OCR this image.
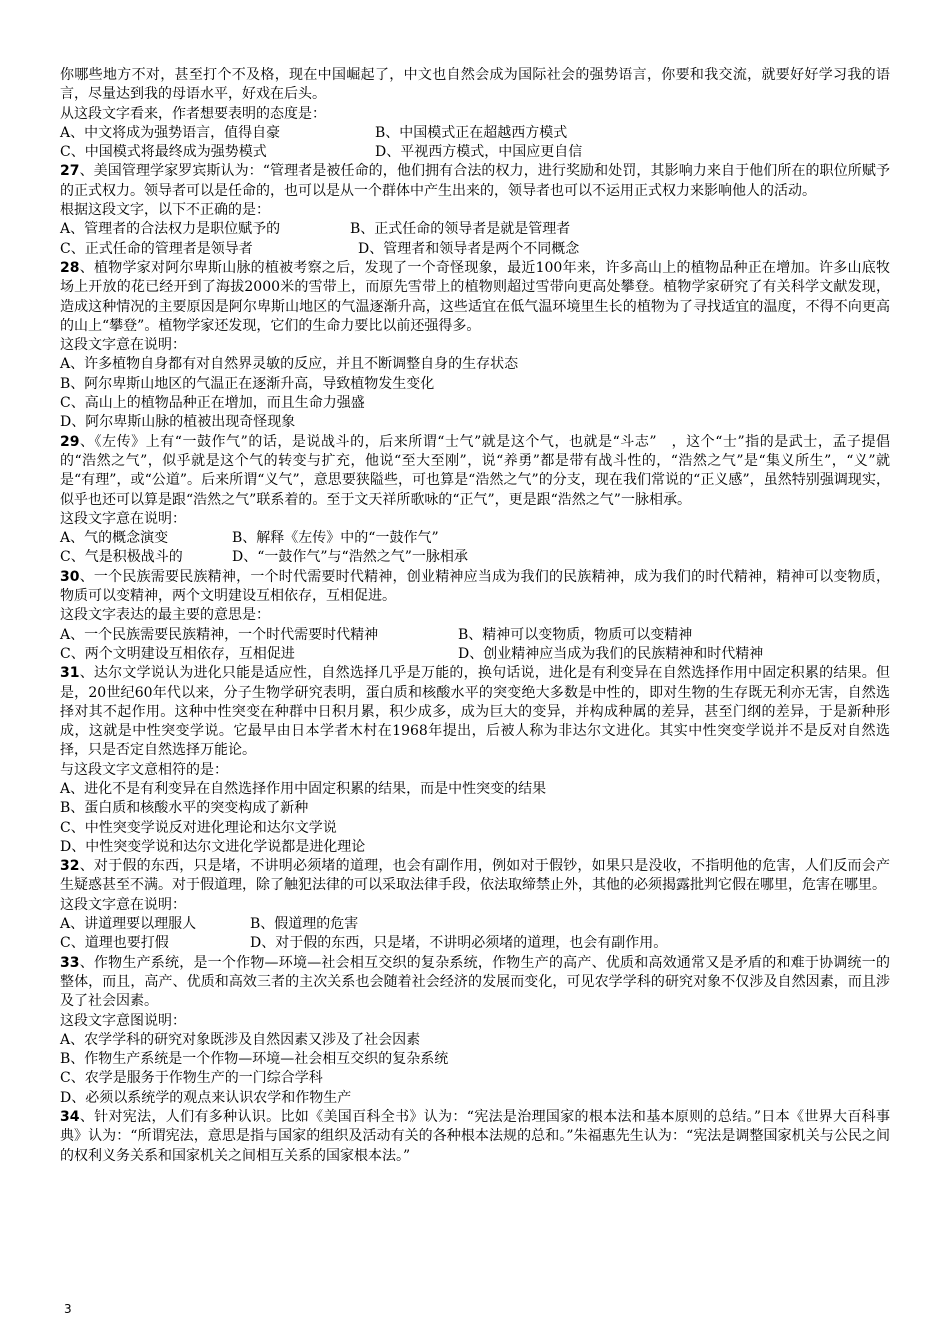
你哪些地方不对，甚至打个不及格，现在中国崛起了，中文也自然会成为国际社会的强势语言，你要和我交流，就要好好学习我的语言，尽量达到我的母语水平，好戏在后头。

从这段文字看来，作者想要表明的态度是：

A、中文将成为强势语言，值得自豪	B、中国模式正在超越西方模式
C、中国模式将最终成为强势模式	D、平视西方模式，中国应更自信

27、美国管理学家罗宾斯认为：“管理者是被任命的，他们拥有合法的权力，进行奖励和处罚，其影响力来自于他们所在的职位所赋予的正式权力。领导者可以是任命的，也可以是从一个群体中产生出来的，领导者也可以不运用正式权力来影响他人的活动。

根据这段文字，以下不正确的是：

A、管理者的合法权力是职位赋予的	B、正式任命的领导者是就是管理者
C、正式任命的管理者是领导者	D、管理者和领导者是两个不同概念

28、植物学家对阿尔卑斯山脉的植被考察之后，发现了一个奇怪现象，最近100年来，许多高山上的植物品种正在增加。许多山底牧场上开放的花已经开到了海拔2000米的雪带上，而原先雪带上的植物则超过雪带向更高处攀登。植物学家研究了有关科学文献发现，造成这种情况的主要原因是阿尔卑斯山地区的气温逐渐升高，这些适宜在低气温环境里生长的植物为了寻找适宜的温度，不得不向更高的山上“攀登”。植物学家还发现，它们的生命力要比以前还强得多。

这段文字意在说明：

A、许多植物自身都有对自然界灵敏的反应，并且不断调整自身的生存状态

B、阿尔卑斯山地区的气温正在逐渐升高，导致植物发生变化

C、高山上的植物品种正在增加，而且生命力强盛

D、阿尔卑斯山脉的植被出现奇怪现象

29、《左传》上有“一鼓作气”的话，是说战斗的，后来所谓“士气”就是这个气，也就是“斗志”　，这个“士”指的是武士，孟子提倡的“浩然之气”，似乎就是这个气的转变与扩充，他说“至大至刚”，说“养勇”都是带有战斗性的，“浩然之气”是“集义所生”，“义”就是“有理”，或“公道”。后来所谓“义气”，意思要狭隘些，可也算是“浩然之气”的分支，现在我们常说的“正义感”，虽然特别强调现实，似乎也还可以算是跟“浩然之气”联系着的。至于文天祥所歌咏的“正气”，更是跟“浩然之气”一脉相承。

这段文字意在说明：

A、气的概念演变	B、解释《左传》中的“一鼓作气”
C、气是积极战斗的	D、“一鼓作气”与“浩然之气”一脉相承

30、一个民族需要民族精神，一个时代需要时代精神，创业精神应当成为我们的民族精神，成为我们的时代精神，精神可以变物质，物质可以变精神，两个文明建设互相依存，互相促进。

这段文字表达的最主要的意思是：

A、一个民族需要民族精神，一个时代需要时代精神	B、精神可以变物质，物质可以变精神
C、两个文明建设互相依存，互相促进	D、创业精神应当成为我们的民族精神和时代精神

31、达尔文学说认为进化只能是适应性，自然选择几乎是万能的，换句话说，进化是有利变异在自然选择作用中固定积累的结果。但是，20世纪60年代以来，分子生物学研究表明，蛋白质和核酸水平的突变绝大多数是中性的，即对生物的生存既无利亦无害，自然选择对其不起作用。这种中性突变在种群中日积月累，积少成多，成为巨大的变异，并构成种属的差异，甚至门纲的差异，于是新种形成，这就是中性突变学说。它最早由日本学者木村在1968年提出，后被人称为非达尔文进化。其实中性突变学说并不是反对自然选择，只是否定自然选择万能论。

与这段文字文意相符的是：

A、进化不是有利变异在自然选择作用中固定积累的结果，而是中性突变的结果

B、蛋白质和核酸水平的突变构成了新种

C、中性突变学说反对进化理论和达尔文学说

D、中性突变学说和达尔文进化学说都是进化理论

32、对于假的东西，只是堵，不讲明必须堵的道理，也会有副作用，例如对于假钞，如果只是没收，不指明他的危害，人们反而会产生疑惑甚至不满。对于假道理，除了触犯法律的可以采取法律手段，依法取缔禁止外，其他的必须揭露批判它假在哪里，危害在哪里。

这段文字意在说明：

A、讲道理要以理服人	B、假道理的危害
C、道理也要打假	D、对于假的东西，只是堵，不讲明必须堵的道理，也会有副作用。

33、作物生产系统，是一个作物—环境—社会相互交织的复杂系统，作物生产的高产、优质和高效通常又是矛盾的和难于协调统一的整体，而且，高产、优质和高效三者的主次关系也会随着社会经济的发展而变化，可见农学学科的研究对象不仅涉及自然因素，而且涉及了社会因素。

这段文字意图说明：

A、农学学科的研究对象既涉及自然因素又涉及了社会因素

B、作物生产系统是一个作物—环境—社会相互交织的复杂系统

C、农学是服务于作物生产的一门综合学科

D、必须以系统学的观点来认识农学和作物生产

34、针对宪法，人们有多种认识。比如《美国百科全书》认为：“宪法是治理国家的根本法和基本原则的总结。”日本《世界大百科事典》认为：“所谓宪法，意思是指与国家的组织及活动有关的各种根本法规的总和。”朱福惠先生认为：“宪法是调整国家机关与公民之间的权利义务关系和国家机关之间相互关系的国家根本法。”

3
